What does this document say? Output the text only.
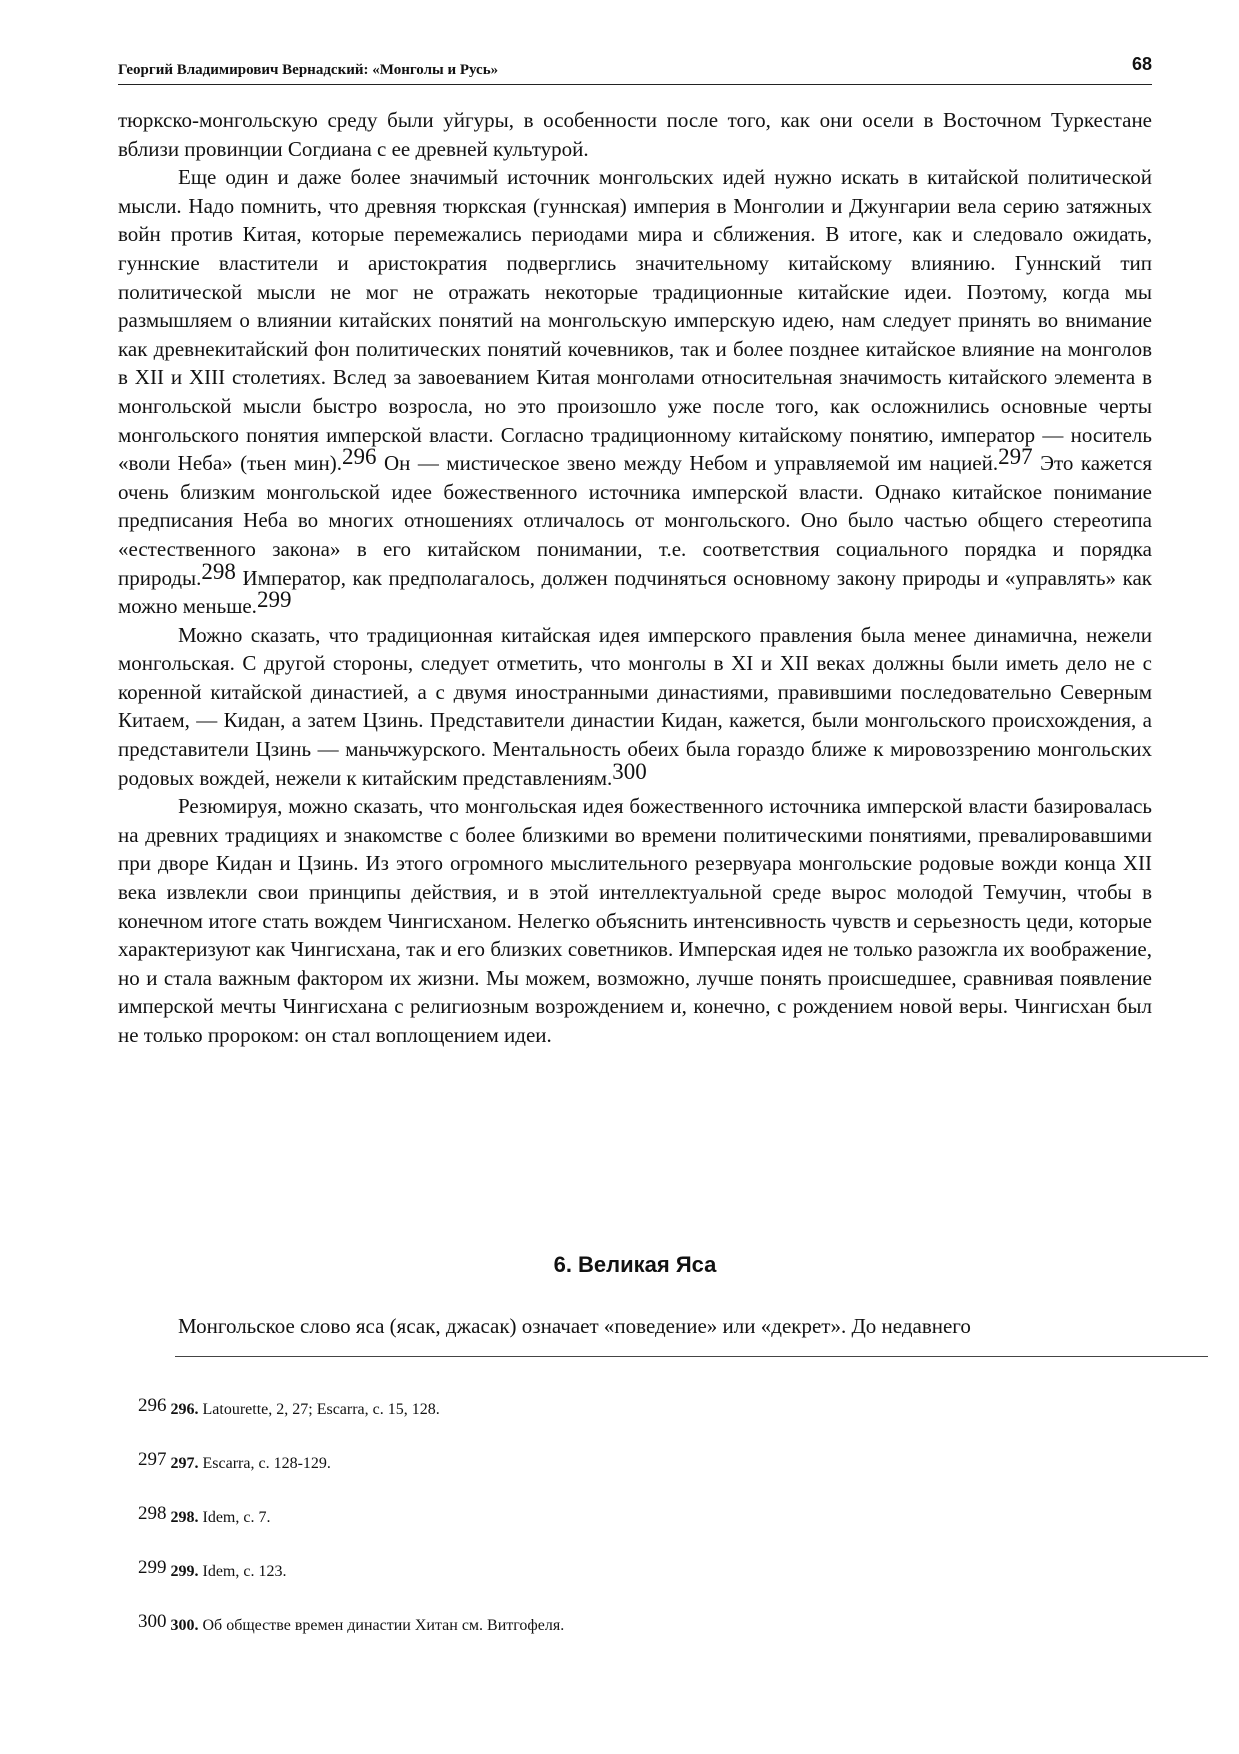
Георгий Владимирович Вернадский: «Монголы и Русь»	68

тюркско-монгольскую среду были уйгуры, в особенности после того, как они осели в Восточном Туркестане вблизи провинции Согдиана с ее древней культурой.

Еще один и даже более значимый источник монгольских идей нужно искать в китайской политической мысли. Надо помнить, что древняя тюркская (гуннская) империя в Монголии и Джунгарии вела серию затяжных войн против Китая, которые перемежались периодами мира и сближения. В итоге, как и следовало ожидать, гуннские властители и аристократия подверглись значительному китайскому влиянию. Гуннский тип политической мысли не мог не отражать некоторые традиционные китайские идеи. Поэтому, когда мы размышляем о влиянии китайских понятий на монгольскую имперскую идею, нам следует принять во внимание как древнекитайский фон политических понятий кочевников, так и более позднее китайское влияние на монголов в XII и XIII столетиях. Вслед за завоеванием Китая монголами относительная значимость китайского элемента в монгольской мысли быстро возросла, но это произошло уже после того, как осложнились основные черты монгольского понятия имперской власти. Согласно традиционному китайскому понятию, император — носитель «воли Неба» (тьен мин).296 Он — мистическое звено между Небом и управляемой им нацией.297 Это кажется очень близким монгольской идее божественного источника имперской власти. Однако китайское понимание предписания Неба во многих отношениях отличалось от монгольского. Оно было частью общего стереотипа «естественного закона» в его китайском понимании, т.е. соответствия социального порядка и порядка природы.298 Император, как предполагалось, должен подчиняться основному закону природы и «управлять» как можно меньше.299

Можно сказать, что традиционная китайская идея имперского правления была менее динамична, нежели монгольская. С другой стороны, следует отметить, что монголы в XI и XII веках должны были иметь дело не с коренной китайской династией, а с двумя иностранными династиями, правившими последовательно Северным Китаем, — Кидан, а затем Цзинь. Представители династии Кидан, кажется, были монгольского происхождения, а представители Цзинь — маньчжурского. Ментальность обеих была гораздо ближе к мировоззрению монгольских родовых вождей, нежели к китайским представлениям.300

Резюмируя, можно сказать, что монгольская идея божественного источника имперской власти базировалась на древних традициях и знакомстве с более близкими во времени политическими понятиями, превалировавшими при дворе Кидан и Цзинь. Из этого огромного мыслительного резервуара монгольские родовые вожди конца XII века извлекли свои принципы действия, и в этой интеллектуальной среде вырос молодой Темучин, чтобы в конечном итоге стать вождем Чингисханом. Нелегко объяснить интенсивность чувств и серьезность цеди, которые характеризуют как Чингисхана, так и его близких советников. Имперская идея не только разожгла их воображение, но и стала важным фактором их жизни. Мы можем, возможно, лучше понять происшедшее, сравнивая появление имперской мечты Чингисхана с религиозным возрождением и, конечно, с рождением новой веры. Чингисхан был не только пророком: он стал воплощением идеи.

6. Великая Яса
Монгольское слово яса (ясак, джасак) означает «поведение» или «декрет». До недавнего
296 296. Latourette, 2, 27; Escarra, с. 15, 128.
297 297. Escarra, с. 128-129.
298 298. Idem, с. 7.
299 299. Idem, с. 123.
300 300. Об обществе времен династии Хитан см. Витгофеля.
